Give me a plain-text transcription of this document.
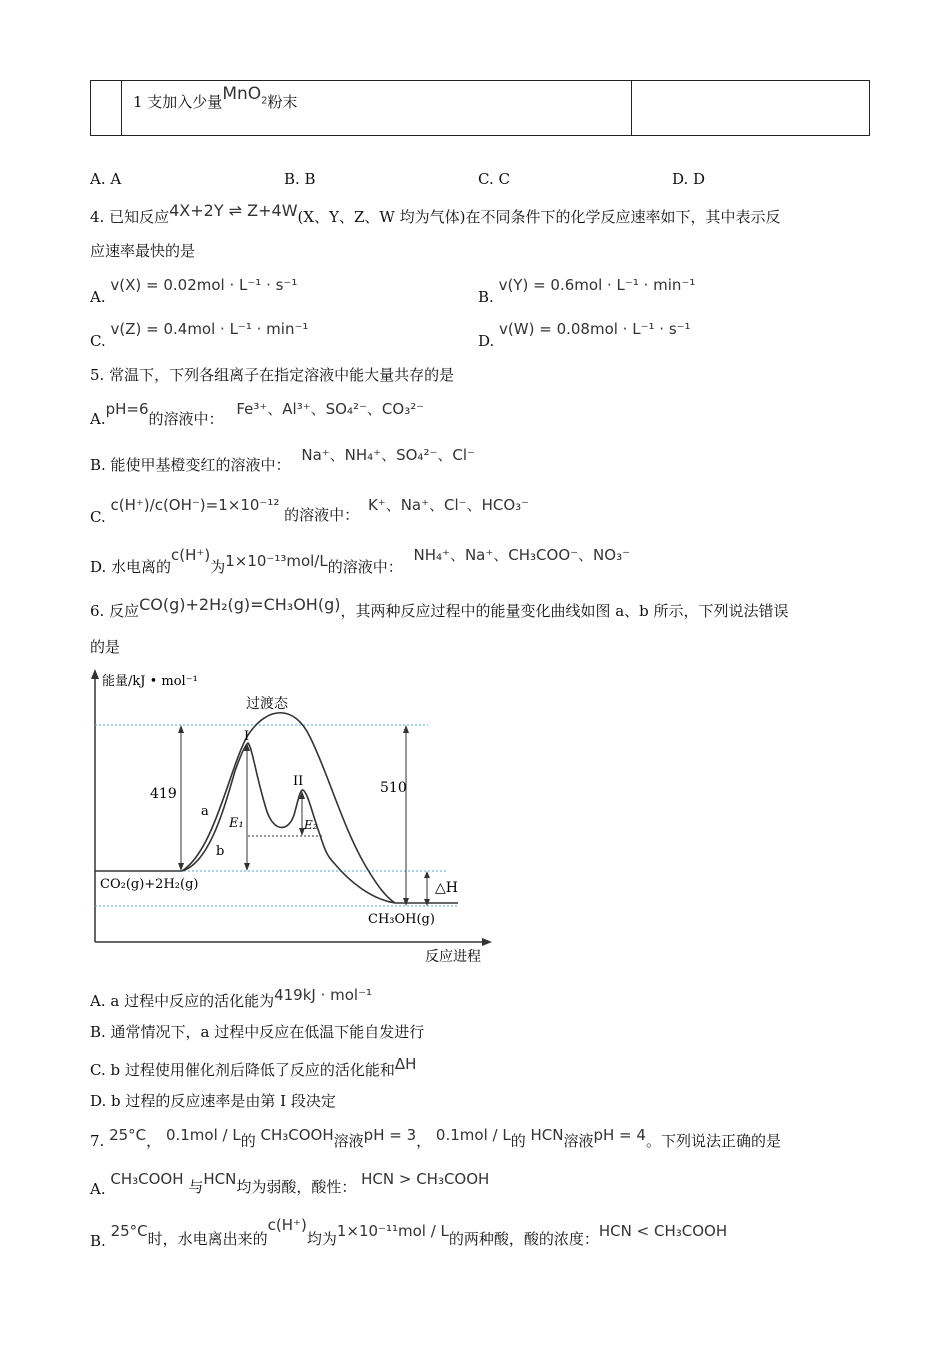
1 支加入少量MnO$_2$粉末
A. A	B. B	C. C	D. D
4. 已知反应4X+2Y ⇌ Z+4W(X、Y、Z、W 均为气体)在不同条件下的化学反应速率如下，其中表示反
应速率最快的是
A. v(X) = 0.02mol · L⁻¹ · s⁻¹
B. v(Y) = 0.6mol · L⁻¹ · min⁻¹
C. v(Z) = 0.4mol · L⁻¹ · min⁻¹
D. v(W) = 0.08mol · L⁻¹ · s⁻¹
5. 常温下，下列各组离子在指定溶液中能大量共存的是
A.pH=6的溶液中： Fe³⁺、Al³⁺、SO₄²⁻、CO₃²⁻
B. 能使甲基橙变红的溶液中： Na⁺、NH₄⁺、SO₄²⁻、Cl⁻
C. c(H⁺)/c(OH⁻)=1×10⁻¹² 的溶液中： K⁺、Na⁺、Cl⁻、HCO₃⁻
D. 水电离的c(H⁺)为1×10⁻¹³mol/L的溶液中： NH₄⁺、Na⁺、CH₃COO⁻、NO₃⁻
6. 反应CO(g)+2H₂(g)=CH₃OH(g)，其两种反应过程中的能量变化曲线如图 a、b 所示，下列说法错误
的是
能量/kJ • mol⁻¹
反应进程
419	510
E₁	E₂
△H
过渡态
I
II
a
b
CO₂(g)+2H₂(g)
CH₃OH(g)
A. a 过程中反应的活化能为419kJ · mol⁻¹
B. 通常情况下，a 过程中反应在低温下能自发进行
C. b 过程使用催化剂后降低了反应的活化能和ΔH
D. b 过程的反应速率是由第 I 段决定
7. 25°C， 0.1mol / L的 CH₃COOH溶液pH = 3， 0.1mol / L的 HCN溶液pH = 4。下列说法正确的是
A. CH₃COOH 与HCN均为弱酸，酸性： HCN > CH₃COOH
B. 25°C时，水电离出来的c(H⁺)均为1×10⁻¹¹mol / L的两种酸，酸的浓度：HCN < CH₃COOH
